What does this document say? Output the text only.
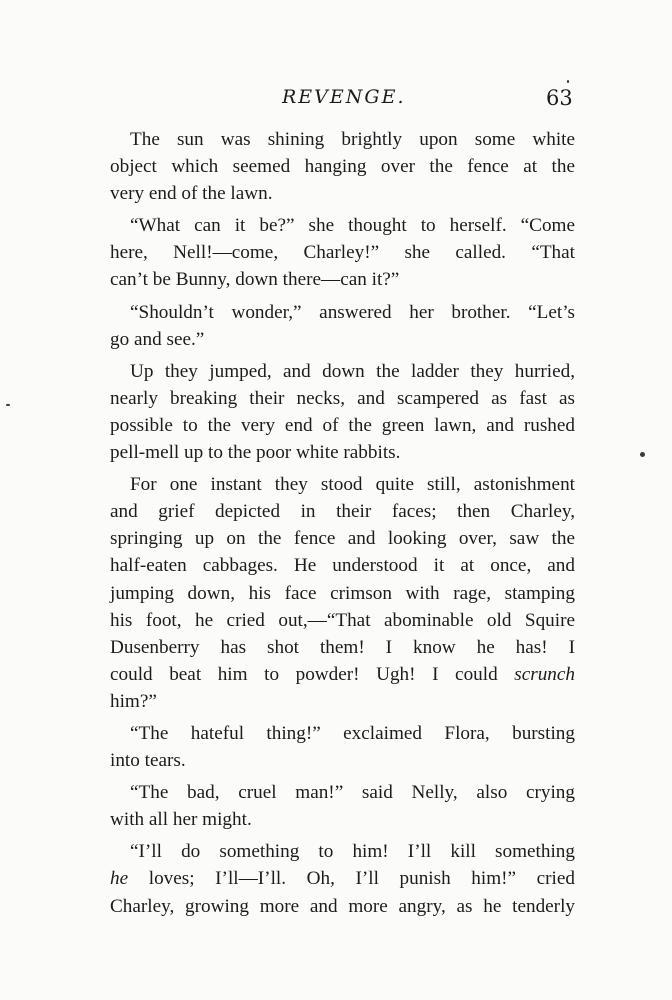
REVENGE.	63

The sun was shining brightly upon some white
object which seemed hanging over the fence at the
very end of the lawn.

“What can it be?” she thought to herself. “Come
here, Nell!—come, Charley!” she called. “That
can’t be Bunny, down there—can it?”

“Shouldn’t wonder,” answered her brother. “Let’s
go and see.”

Up they jumped, and down the ladder they hurried,
nearly breaking their necks, and scampered as fast as
possible to the very end of the green lawn, and rushed
pell-mell up to the poor white rabbits.

For one instant they stood quite still, astonishment
and grief depicted in their faces; then Charley,
springing up on the fence and looking over, saw the
half-eaten cabbages. He understood it at once, and
jumping down, his face crimson with rage, stamping
his foot, he cried out,—“That abominable old Squire
Dusenberry has shot them! I know he has! I
could beat him to powder! Ugh! I could scrunch
him?”

“The hateful thing!” exclaimed Flora, bursting
into tears.

“The bad, cruel man!” said Nelly, also crying
with all her might.

“I’ll do something to him! I’ll kill something
he loves; I’ll—I’ll. Oh, I’ll punish him!” cried
Charley, growing more and more angry, as he tenderly
